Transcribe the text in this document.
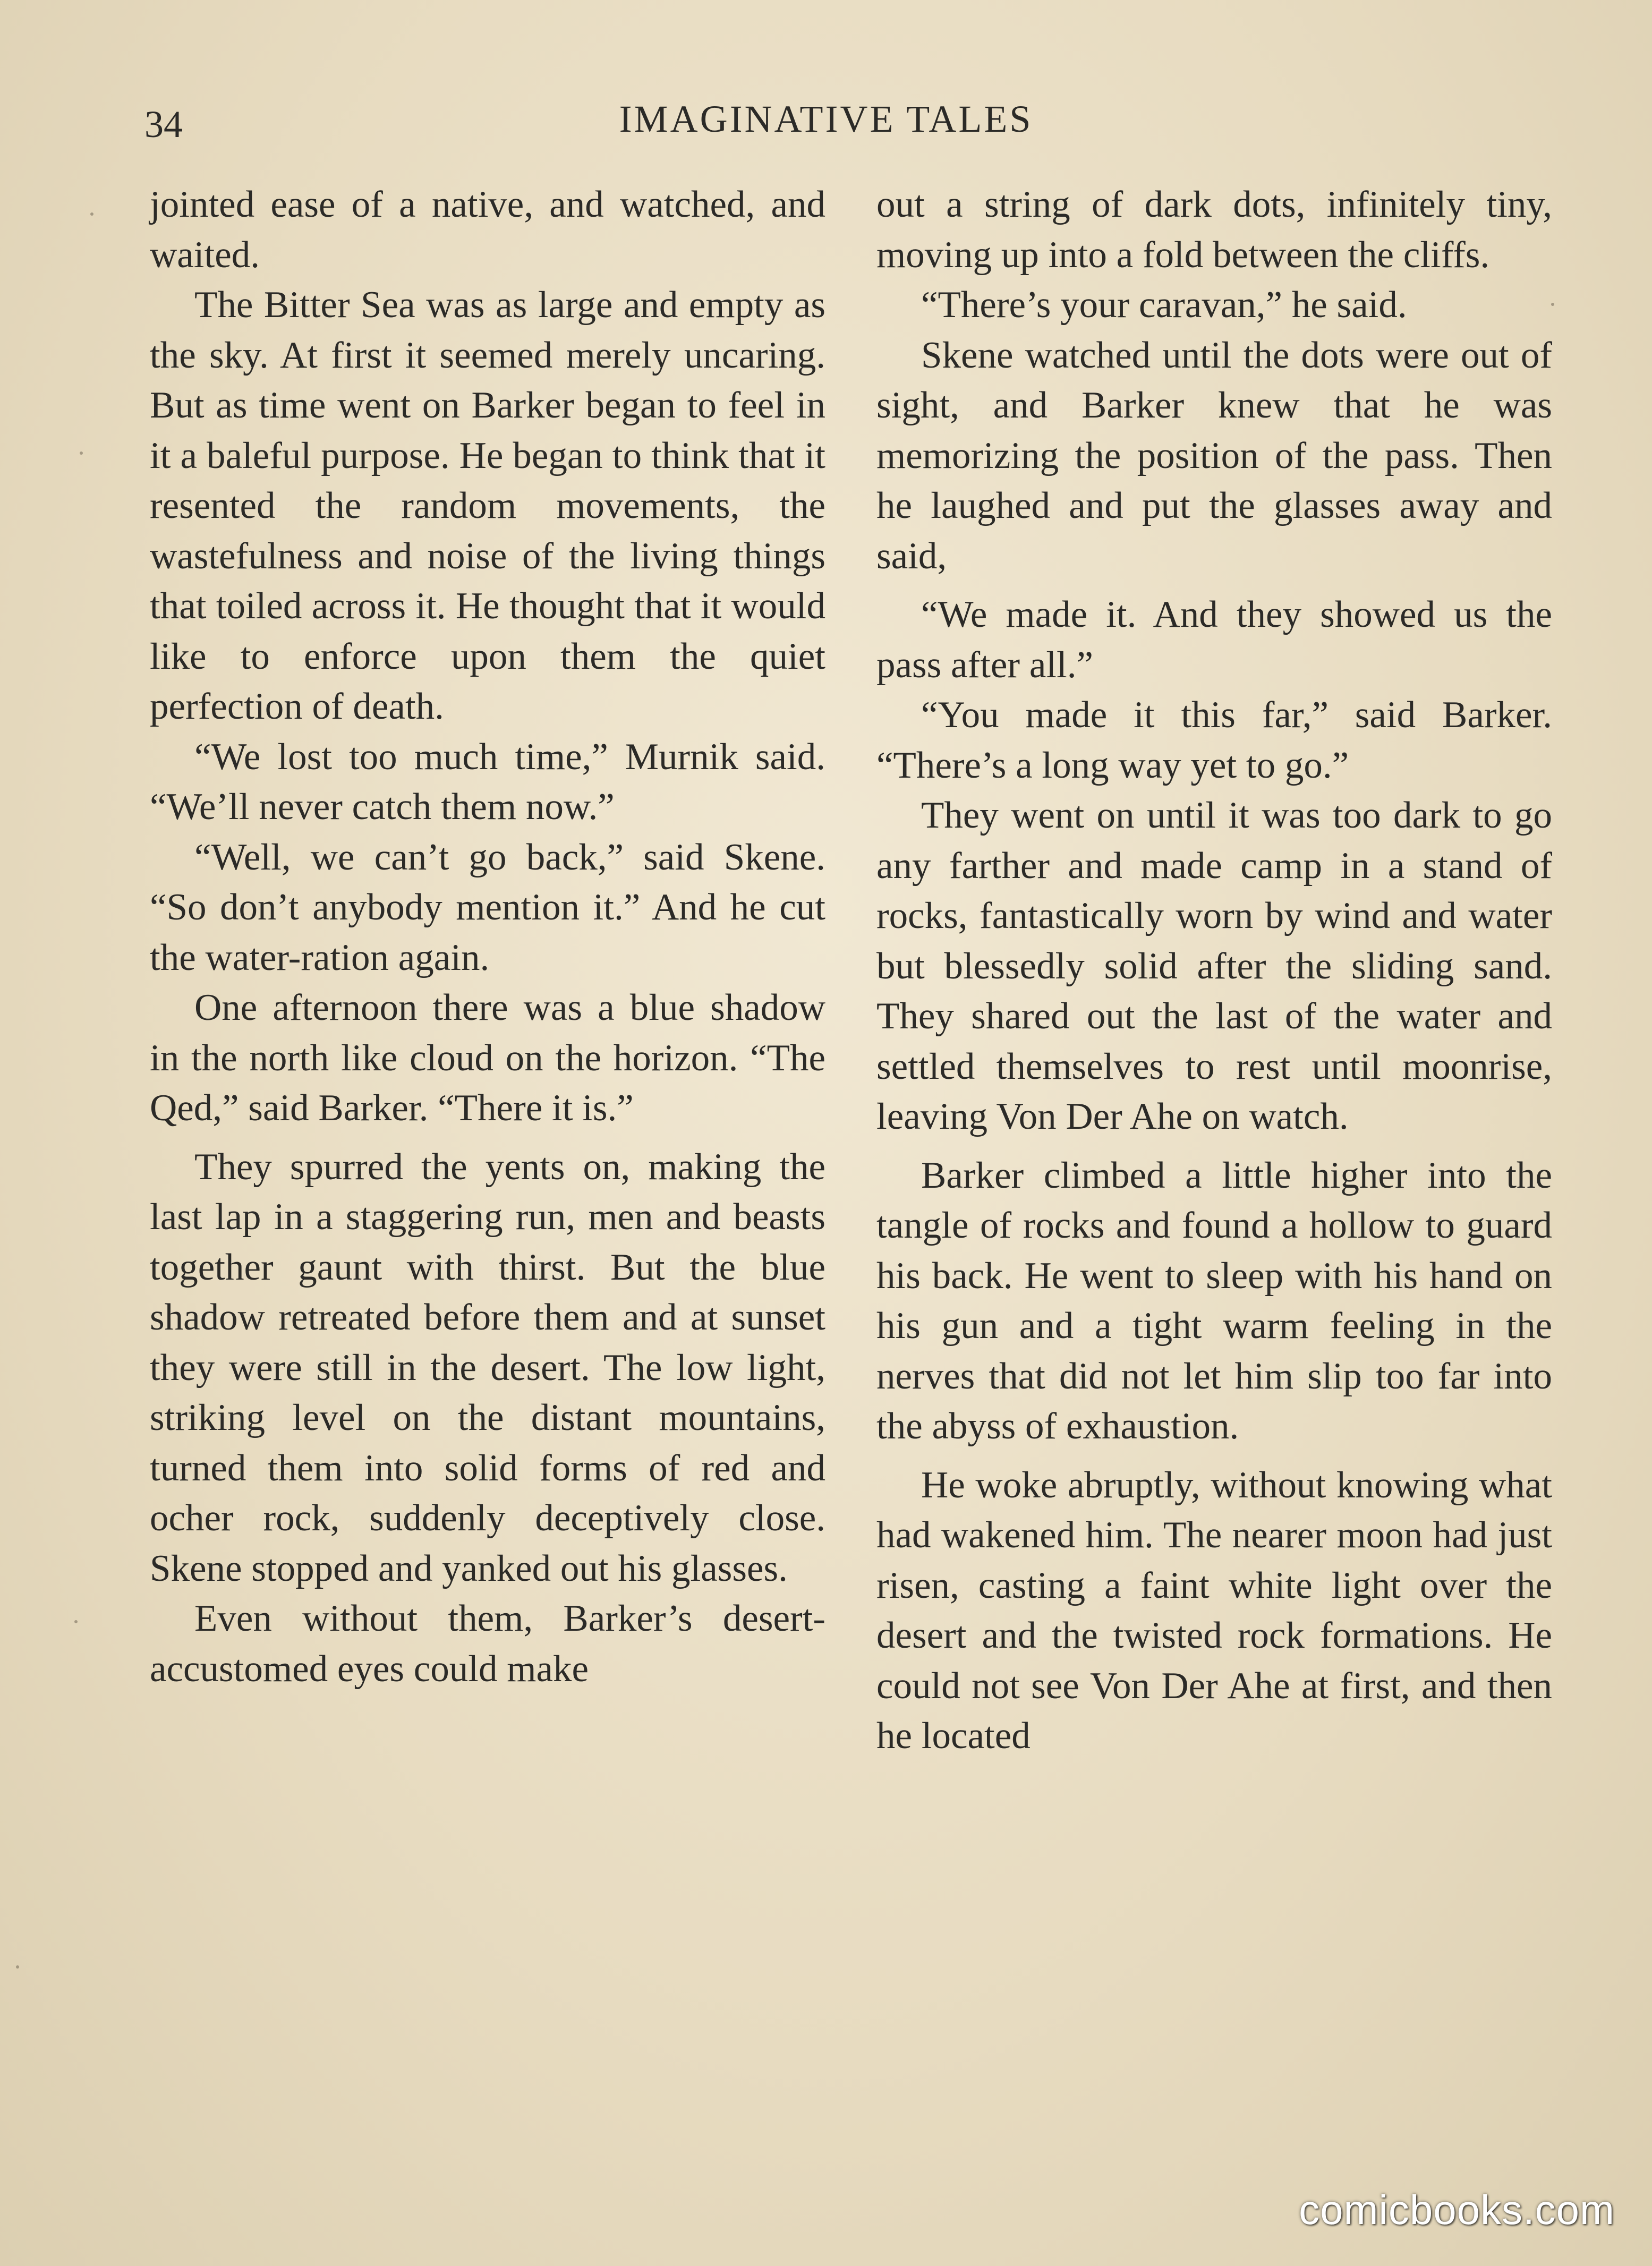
34	IMAGINATIVE TALES

jointed ease of a native, and watched, and waited.

The Bitter Sea was as large and empty as the sky. At first it seemed merely uncaring. But as time went on Barker began to feel in it a baleful purpose. He began to think that it resented the random movements, the wastefulness and noise of the living things that toiled across it. He thought that it would like to enforce upon them the quiet perfection of death.

“We lost too much time,” Murnik said. “We’ll never catch them now.”

“Well, we can’t go back,” said Skene. “So don’t anybody mention it.” And he cut the water-ration again.

One afternoon there was a blue shadow in the north like cloud on the horizon. “The Qed,” said Barker. “There it is.”

They spurred the yents on, making the last lap in a staggering run, men and beasts together gaunt with thirst. But the blue shadow retreated before them and at sunset they were still in the desert. The low light, striking level on the distant mountains, turned them into solid forms of red and ocher rock, suddenly deceptively close. Skene stopped and yanked out his glasses.

Even without them, Barker’s desert-accustomed eyes could make

out a string of dark dots, infinitely tiny, moving up into a fold between the cliffs.

“There’s your caravan,” he said.

Skene watched until the dots were out of sight, and Barker knew that he was memorizing the position of the pass. Then he laughed and put the glasses away and said,

“We made it. And they showed us the pass after all.”

“You made it this far,” said Barker. “There’s a long way yet to go.”

They went on until it was too dark to go any farther and made camp in a stand of rocks, fantastically worn by wind and water but blessedly solid after the sliding sand. They shared out the last of the water and settled themselves to rest until moonrise, leaving Von Der Ahe on watch.

Barker climbed a little higher into the tangle of rocks and found a hollow to guard his back. He went to sleep with his hand on his gun and a tight warm feeling in the nerves that did not let him slip too far into the abyss of exhaustion.

He woke abruptly, without knowing what had wakened him. The nearer moon had just risen, casting a faint white light over the desert and the twisted rock formations. He could not see Von Der Ahe at first, and then he located

comicbooks.com
